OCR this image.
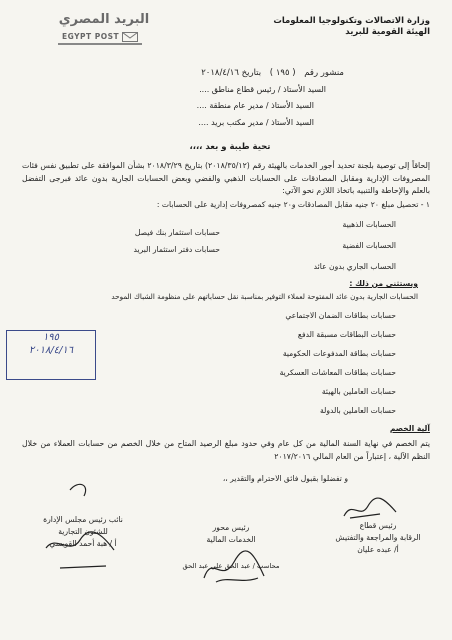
وزارة الاتصالات وتكنولوجيا المعلومات
الهيئة القومية للبريد
البريد المصري
EGYPT POST
منشور رقم ( ١٩٥ ) بتاريخ ٢٠١٨/٤/١٦
السيد الأستاذ / رئيس قطاع مناطق ....
السيد الأستاذ / مدير عام منطقة ....
السيد الأستاذ / مدير مكتب بريد ....
تحية طيبة و بعد ،،،،
إلحاقاً إلى توصية بلجنة تحديد أجور الخدمات بالهيئة رقم (٢٠١٨/٣٥/١٢) بتاريخ ٢٠١٨/٣/٢٩ بشأن الموافقة على تطبيق نفس فئات المصروفات الإدارية ومقابل المصادقات على الحسابات الذهبي والفضي وبعض الحسابات الجارية بدون عائد فبرجى التفضل بالعلم والإحاطة والتنبيه باتخاذ اللازم نحو الآتي:
١ - تحصيل مبلغ ٢٠ جنيه مقابل المصادقات و٢٠ جنيه كمصروفات إدارية على الحسابات :
الحسابات الذهبية
الحسابات الفضية
الحساب الجاري بدون عائد
حسابات استثمار بنك فيصل
حسابات دفتر استثمار البريد
ويستثنى من ذلك :
الحسابات الجارية بدون عائد المفتوحة لعملاء التوفير بمناسبة نقل حساباتهم على منظومة الشباك الموحد
حسابات بطاقات الضمان الاجتماعي
حسابات البطاقات مسبقة الدفع
حسابات بطاقة المدفوعات الحكومية
حسابات بطاقات المعاشات العسكرية
حسابات العاملين بالهيئة
حسابات العاملين بالدولة
آلية الخصم
يتم الخصم في نهاية السنة المالية من كل عام وفي حدود مبلغ الرصيد المتاح من خلال الخصم من حسابات العملاء من خلال النظم الآلية ، إعتباراً من العام المالي ٢٠١٧/٢٠١٦
و تفضلوا بقبول فائق الاحترام والتقدير ،،
رئيس قطاع
الرقابة والمراجعة والتفتيش
أ/ عبده عليان
رئيس محور
الخدمات المالية
محاسب / عبد الحق علي عبد الحق
نائب رئيس مجلس الإدارة
للشئون التجارية
أ / هبة أحمد القويسي
١٩٥
٢٠١٨/٤/١٦
